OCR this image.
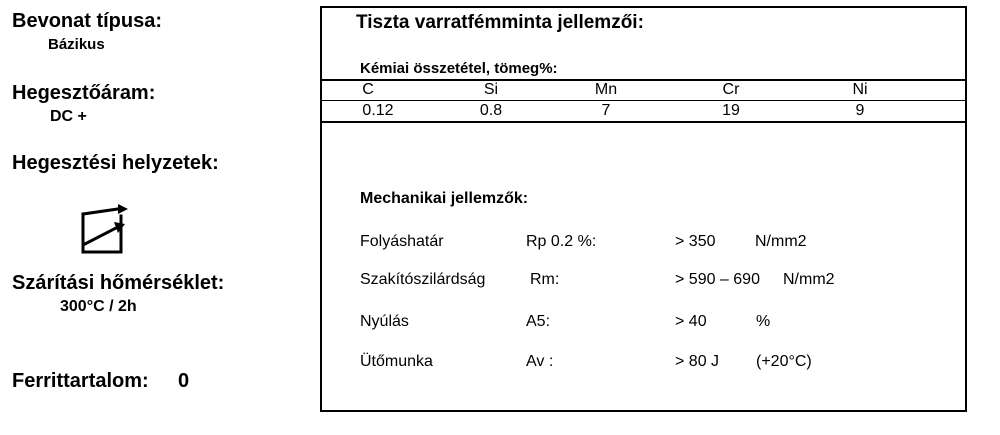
Bevonat típusa:
Bázikus
Hegesztőáram:
DC +
Hegesztési helyzetek:
Szárítási hőmérséklet:
300°C / 2h
Ferrittartalom: 0
Tiszta varratfémminta jellemzői:
Kémiai összetétel, tömeg%:
C	Si	Mn	Cr	Ni
0.12	0.8	7	19	9
Mechanikai jellemzők:
Folyáshatár	Rp 0.2 %:	> 350 N/mm2
Szakítószilárdság	Rm:	> 590 – 690 N/mm2
Nyúlás	A5:	> 40	%
Ütőmunka	Av :	> 80 J (+20°C)
